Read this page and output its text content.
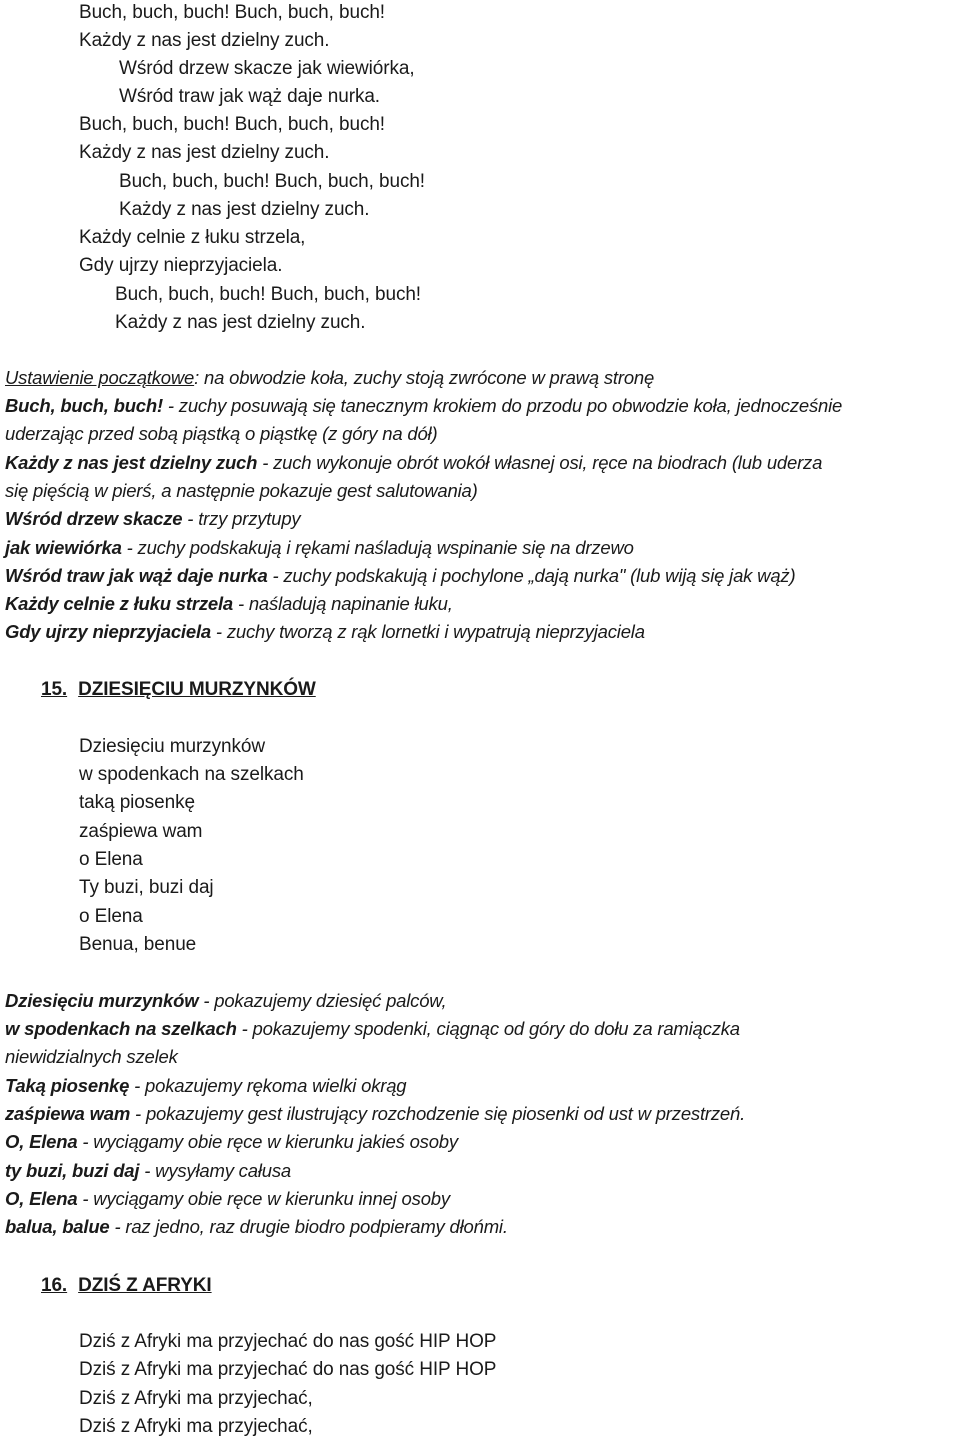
Buch, buch, buch! Buch, buch, buch!
Każdy z nas jest dzielny zuch.
Wśród drzew skacze jak wiewiórka,
Wśród traw jak wąż daje nurka.
Buch, buch, buch! Buch, buch, buch!
Każdy z nas jest dzielny zuch.
Buch, buch, buch! Buch, buch, buch!
Każdy z nas jest dzielny zuch.
Każdy celnie z łuku strzela,
Gdy ujrzy nieprzyjaciela.
Buch, buch, buch! Buch, buch, buch!
Każdy z nas jest dzielny zuch.
Ustawienie początkowe: na obwodzie koła, zuchy stoją zwrócone w prawą stronę
Buch, buch, buch! - zuchy posuwają się tanecznym krokiem do przodu po obwodzie koła, jednocześnie
uderzając przed sobą piąstką o piąstkę (z góry na dół)
Każdy z nas jest dzielny zuch - zuch wykonuje obrót wokół własnej osi, ręce na biodrach (lub uderza
się pięścią w pierś, a następnie pokazuje gest salutowania)
Wśród drzew skacze - trzy przytupy
jak wiewiórka - zuchy podskakują i rękami naśladują wspinanie się na drzewo
Wśród traw jak wąż daje nurka - zuchy podskakują i pochylone „dają nurka" (lub wiją się jak wąż)
Każdy celnie z łuku strzela - naśladują napinanie łuku,
Gdy ujrzy nieprzyjaciela - zuchy tworzą z rąk lornetki i wypatrują nieprzyjaciela
15. DZIESIĘCIU MURZYNKÓW
Dziesięciu murzynków
w spodenkach na szelkach
taką piosenkę
zaśpiewa wam
o Elena
Ty buzi, buzi daj
o Elena
Benua, benue
Dziesięciu murzynków - pokazujemy dziesięć palców,
w spodenkach na szelkach - pokazujemy spodenki, ciągnąc od góry do dołu za ramiączka
niewidzialnych szelek
Taką piosenkę - pokazujemy rękoma wielki okrąg
zaśpiewa wam - pokazujemy gest ilustrujący rozchodzenie się piosenki od ust w przestrzeń.
O, Elena - wyciągamy obie ręce w kierunku jakieś osoby
ty buzi, buzi daj - wysyłamy całusa
O, Elena - wyciągamy obie ręce w kierunku innej osoby
balua, balue - raz jedno, raz drugie biodro podpieramy dłońmi.
16. DZIŚ Z AFRYKI
Dziś z Afryki ma przyjechać do nas gość HIP HOP
Dziś z Afryki ma przyjechać do nas gość HIP HOP
Dziś z Afryki ma przyjechać,
Dziś z Afryki ma przyjechać,
